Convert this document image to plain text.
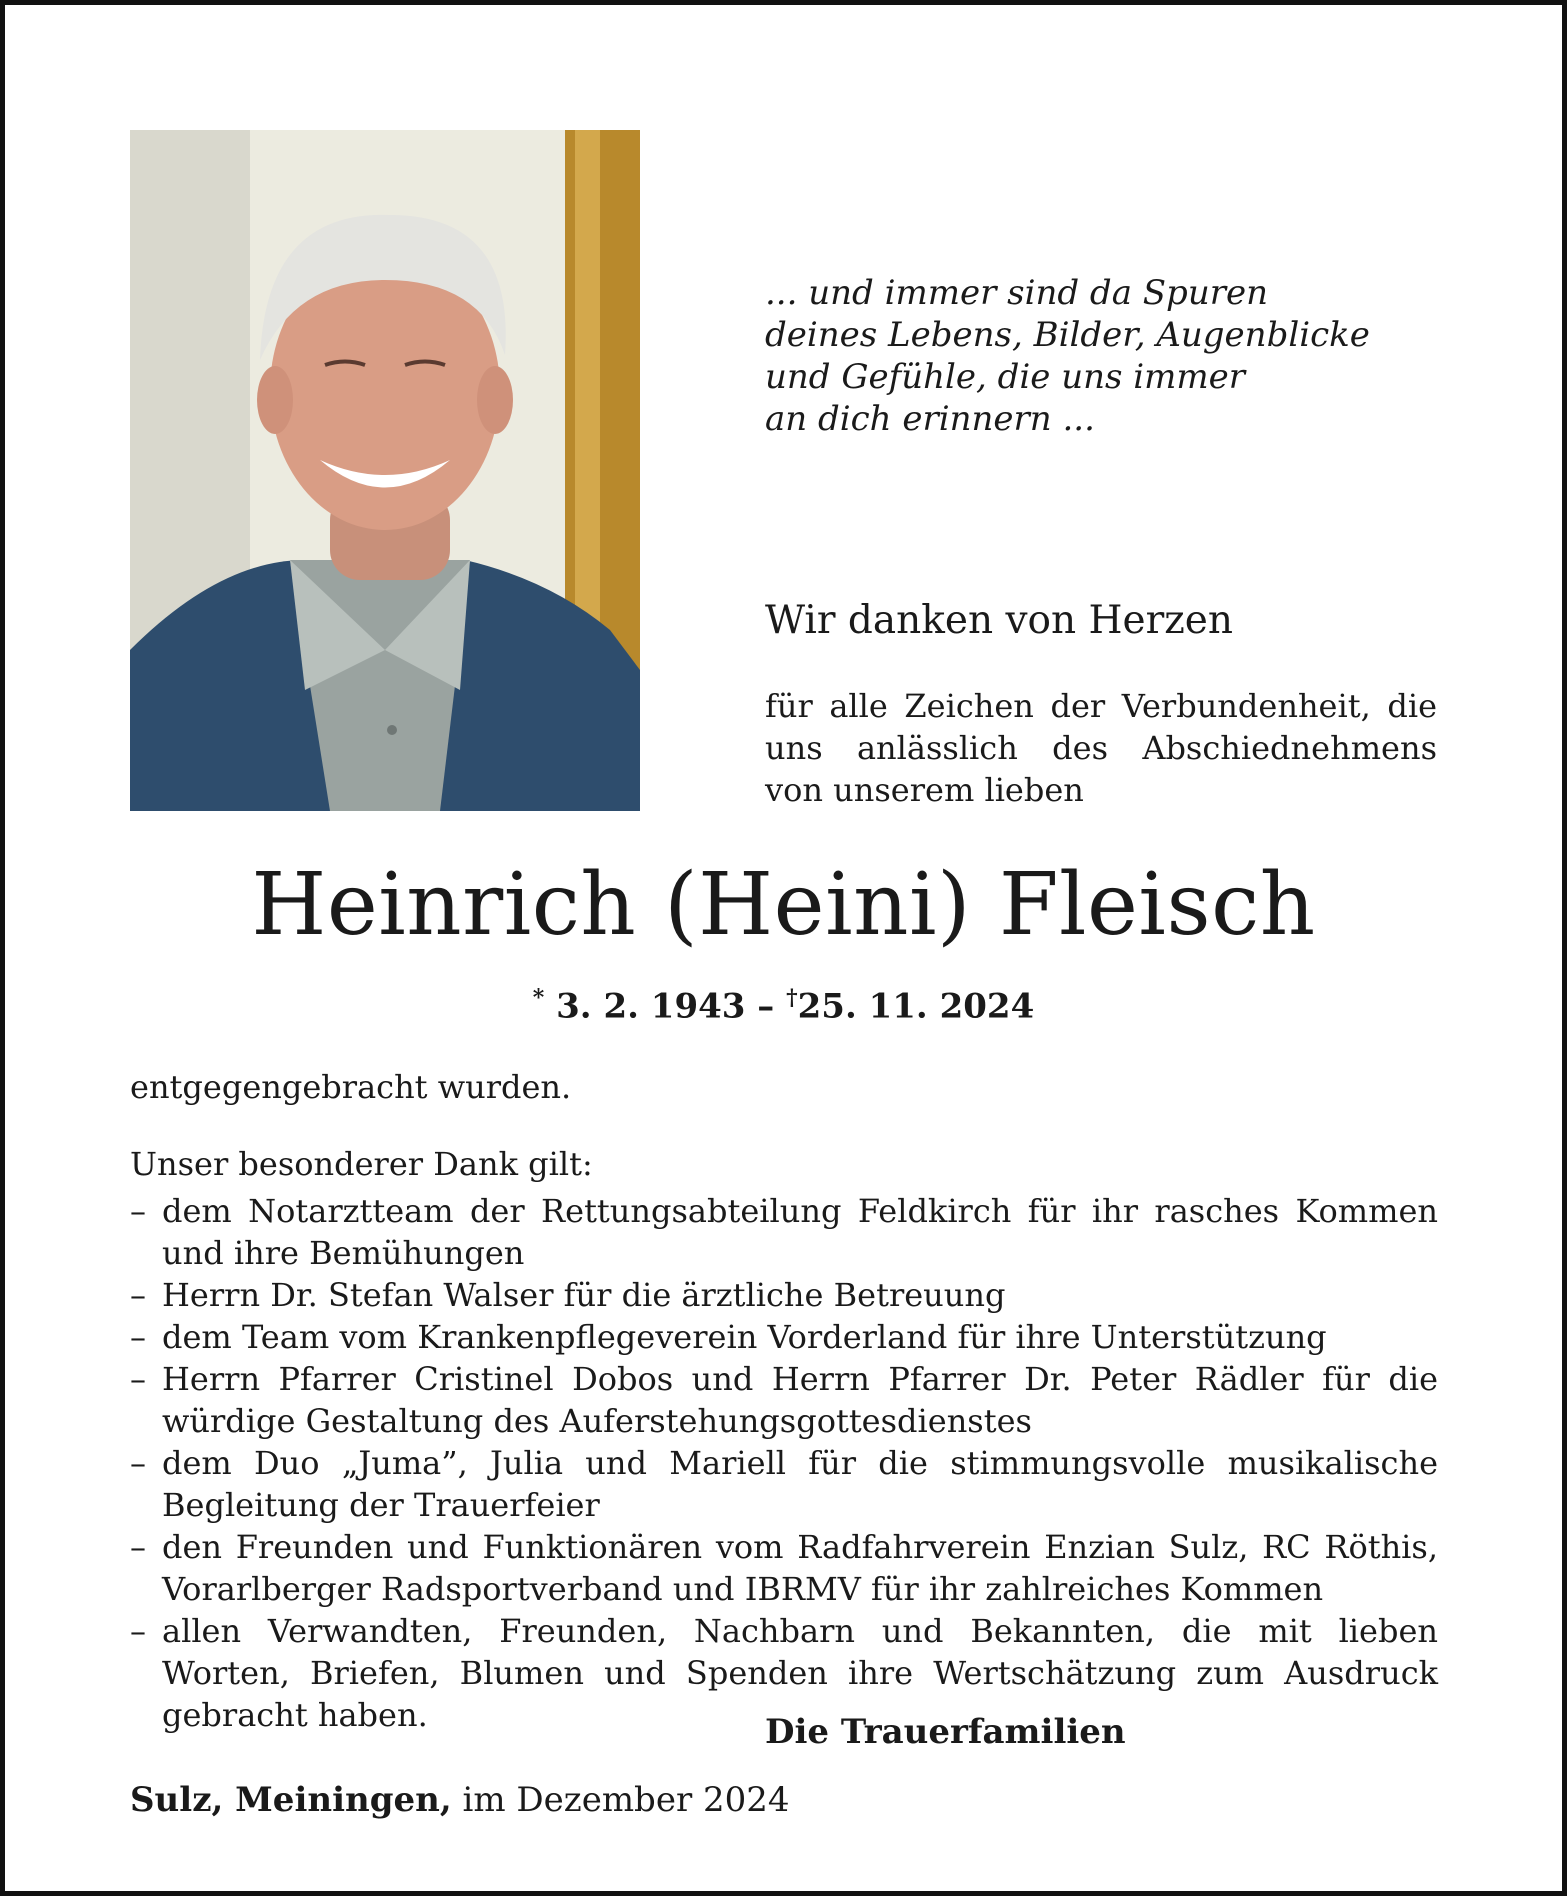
... und immer sind da Spuren
deines Lebens, Bilder, Augenblicke
und Gefühle, die uns immer
an dich erinnern ...
Wir danken von Herzen
für alle Zeichen der Verbundenheit, die
uns anlässlich des Abschiednehmens
von unserem lieben
Heinrich (Heini) Fleisch

* 3. 2. 1943 – †25. 11. 2024

entgegengebracht wurden.

Unser besonderer Dank gilt:

– dem Notarztteam der Rettungsabteilung Feldkirch für ihr rasches Kommen und ihre Bemühungen
– Herrn Dr. Stefan Walser für die ärztliche Betreuung
– dem Team vom Krankenpflegeverein Vorderland für ihre Unterstützung
– Herrn Pfarrer Cristinel Dobos und Herrn Pfarrer Dr. Peter Rädler für die würdige Gestaltung des Auferstehungsgottesdienstes
– dem Duo „Juma”, Julia und Mariell für die stimmungsvolle musikalische Begleitung der Trauerfeier
– den Freunden und Funktionären vom Radfahrverein Enzian Sulz, RC Röthis, Vorarlberger Radsportverband und IBRMV für ihr zahlreiches Kommen
– allen Verwandten, Freunden, Nachbarn und Bekannten, die mit lieben Worten, Briefen, Blumen und Spenden ihre Wertschätzung zum Ausdruck gebracht haben.	Die Trauerfamilien

Sulz, Meiningen, im Dezember 2024
